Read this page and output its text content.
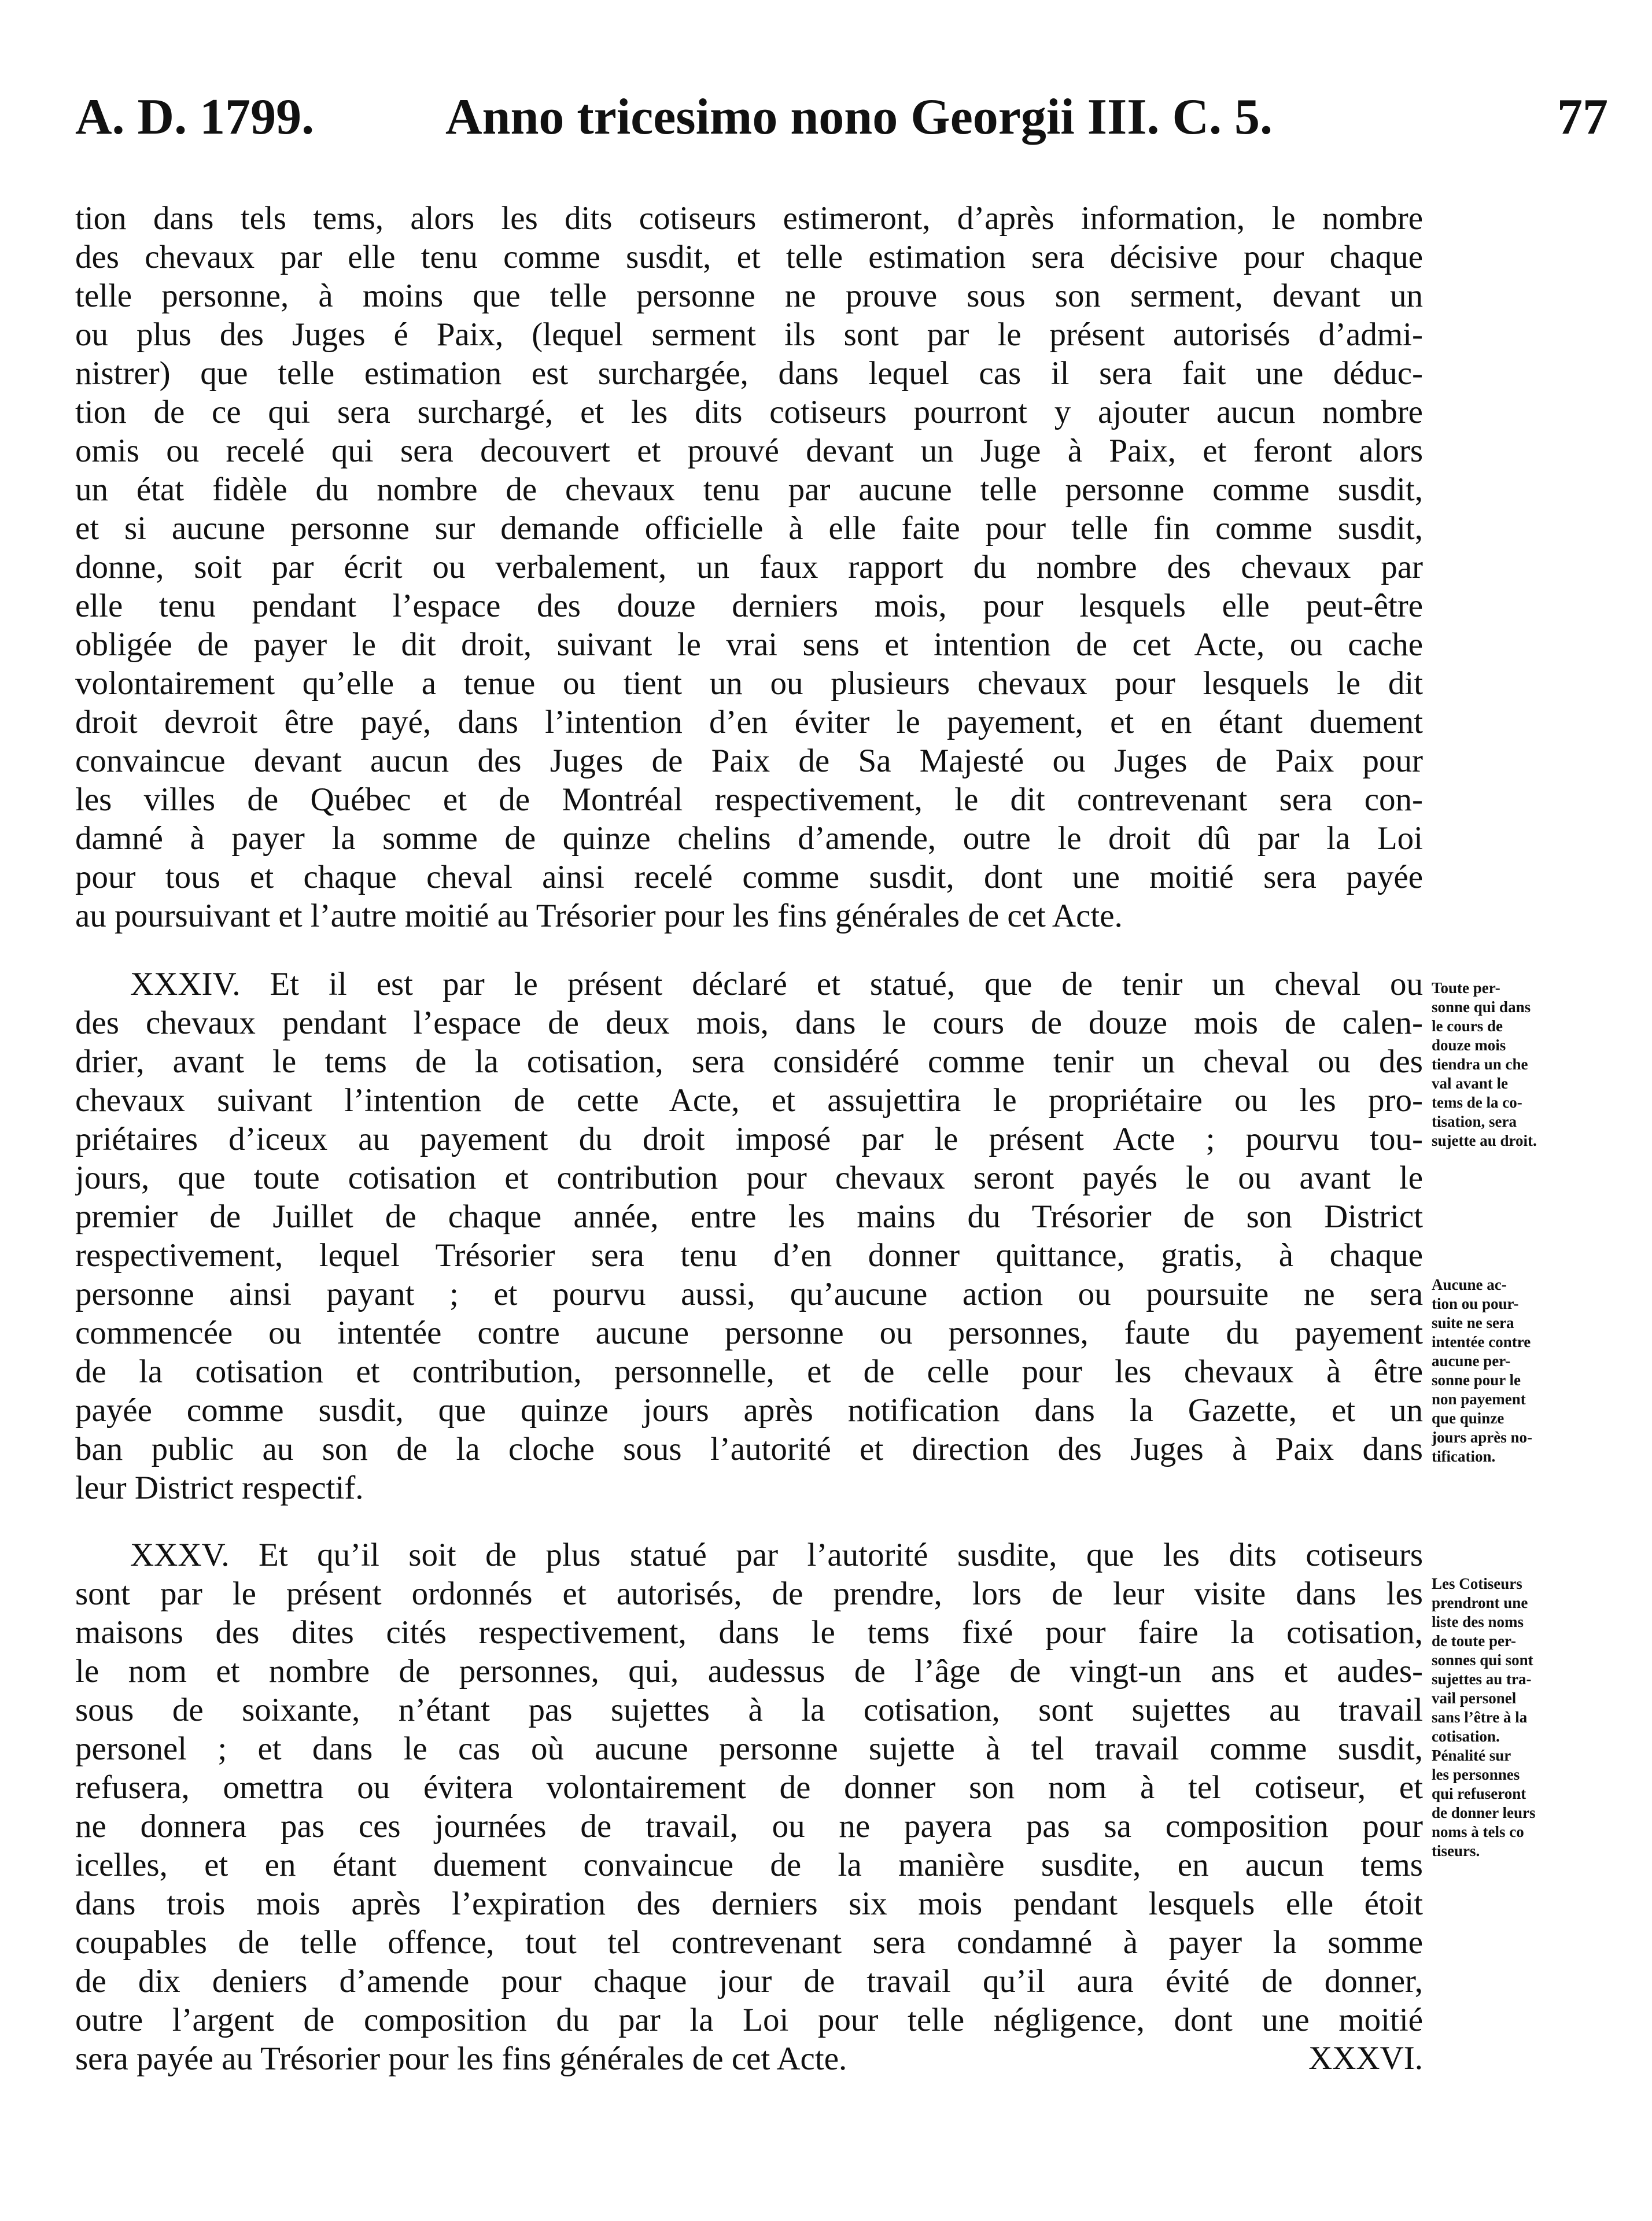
A. D. 1799.	Anno tricesimo nono Georgii III. C. 5.	77
tion dans tels tems, alors les dits cotiseurs estimeront, d’après information, le nombre
des chevaux par elle tenu comme susdit, et telle estimation sera décisive pour chaque
telle personne, à moins que telle personne ne prouve sous son serment, devant un
ou plus des Juges é Paix, (lequel serment ils sont par le présent autorisés d’admi-
nistrer) que telle estimation est surchargée, dans lequel cas il sera fait une déduc-
tion de ce qui sera surchargé, et les dits cotiseurs pourront y ajouter aucun nombre
omis ou recelé qui sera decouvert et prouvé devant un Juge à Paix, et feront alors
un état fidèle du nombre de chevaux tenu par aucune telle personne comme susdit,
et si aucune personne sur demande officielle à elle faite pour telle fin comme susdit,
donne, soit par écrit ou verbalement, un faux rapport du nombre des chevaux par
elle tenu pendant l’espace des douze derniers mois, pour lesquels elle peut-être
obligée de payer le dit droit, suivant le vrai sens et intention de cet Acte, ou cache
volontairement qu’elle a tenue ou tient un ou plusieurs chevaux pour lesquels le dit
droit devroit être payé, dans l’intention d’en éviter le payement, et en étant duement
convaincue devant aucun des Juges de Paix de Sa Majesté ou Juges de Paix pour
les villes de Québec et de Montréal respectivement, le dit contrevenant sera con-
damné à payer la somme de quinze chelins d’amende, outre le droit dû par la Loi
pour tous et chaque cheval ainsi recelé comme susdit, dont une moitié sera payée
au poursuivant et l’autre moitié au Trésorier pour les fins générales de cet Acte.
XXXIV. Et il est par le présent déclaré et statué, que de tenir un cheval ou
des chevaux pendant l’espace de deux mois, dans le cours de douze mois de calen-
drier, avant le tems de la cotisation, sera considéré comme tenir un cheval ou des
chevaux suivant l’intention de cette Acte, et assujettira le propriétaire ou les pro-
priétaires d’iceux au payement du droit imposé par le présent Acte ; pourvu tou-
jours, que toute cotisation et contribution pour chevaux seront payés le ou avant le
premier de Juillet de chaque année, entre les mains du Trésorier de son District
respectivement, lequel Trésorier sera tenu d’en donner quittance, gratis, à chaque
personne ainsi payant ; et pourvu aussi, qu’aucune action ou poursuite ne sera
commencée ou intentée contre aucune personne ou personnes, faute du payement
de la cotisation et contribution, personnelle, et de celle pour les chevaux à être
payée comme susdit, que quinze jours après notification dans la Gazette, et un
ban public au son de la cloche sous l’autorité et direction des Juges à Paix dans
leur District respectif.
XXXV. Et qu’il soit de plus statué par l’autorité susdite, que les dits cotiseurs
sont par le présent ordonnés et autorisés, de prendre, lors de leur visite dans les
maisons des dites cités respectivement, dans le tems fixé pour faire la cotisation,
le nom et nombre de personnes, qui, audessus de l’âge de vingt-un ans et audes-
sous de soixante, n’étant pas sujettes à la cotisation, sont sujettes au travail
personel ; et dans le cas où aucune personne sujette à tel travail comme susdit,
refusera, omettra ou évitera volontairement de donner son nom à tel cotiseur, et
ne donnera pas ces journées de travail, ou ne payera pas sa composition pour
icelles, et en étant duement convaincue de la manière susdite, en aucun tems
dans trois mois après l’expiration des derniers six mois pendant lesquels elle étoit
coupables de telle offence, tout tel contrevenant sera condamné à payer la somme
de dix deniers d’amende pour chaque jour de travail qu’il aura évité de donner,
outre l’argent de composition du par la Loi pour telle négligence, dont une moitié
sera payée au Trésorier pour les fins générales de cet Acte.	XXXVI.
Toute per-
sonne qui dans
le cours de
douze mois
tiendra un che
val avant le
tems de la co-
tisation, sera
sujette au droit.
Aucune ac-
tion ou pour-
suite ne sera
intentée contre
aucune per-
sonne pour le
non payement
que quinze
jours après no-
tification.
Les Cotiseurs
prendront une
liste des noms
de toute per-
sonnes qui sont
sujettes au tra-
vail personel
sans l’être à la
cotisation.
Pénalité sur
les personnes
qui refuseront
de donner leurs
noms à tels co
tiseurs.
